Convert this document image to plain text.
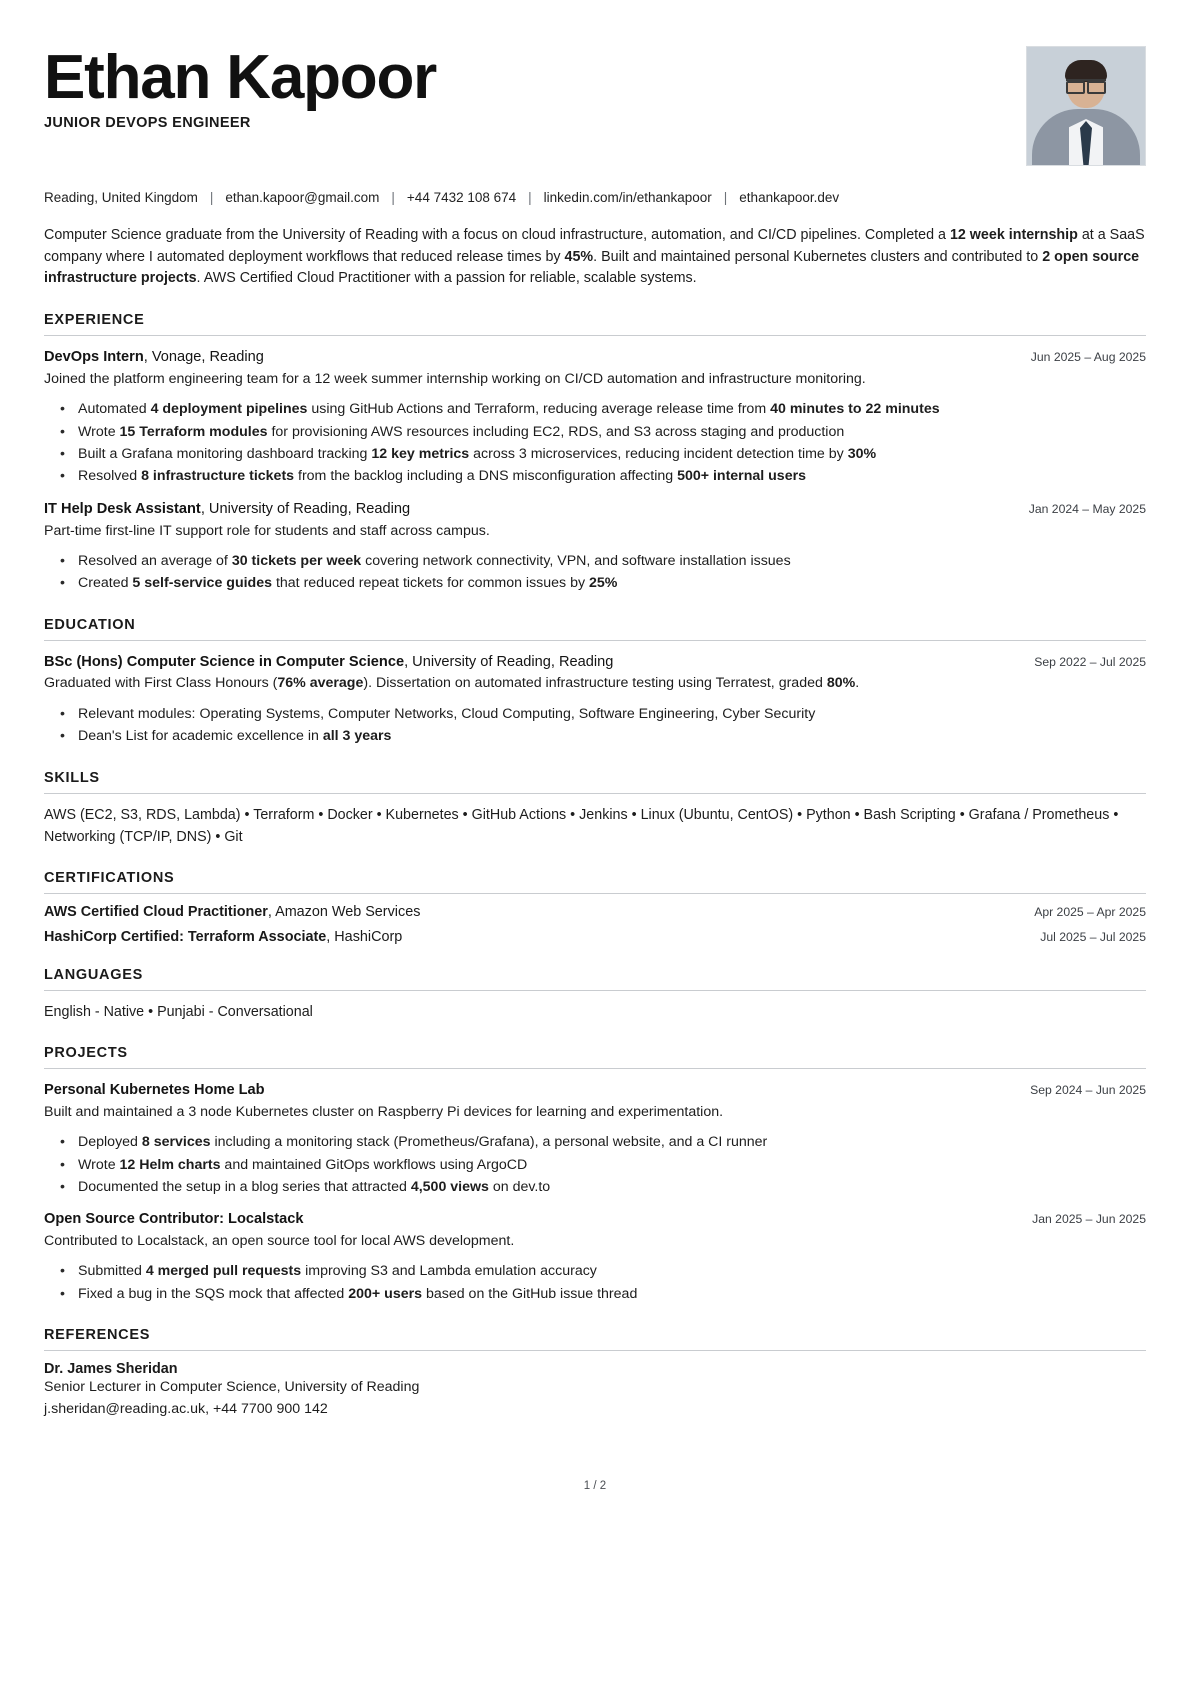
Ethan Kapoor
JUNIOR DEVOPS ENGINEER
Reading, United Kingdom | ethan.kapoor@gmail.com | +44 7432 108 674 | linkedin.com/in/ethankapoor | ethankapoor.dev

Computer Science graduate from the University of Reading with a focus on cloud infrastructure, automation, and CI/CD pipelines. Completed a 12 week internship at a SaaS company where I automated deployment workflows that reduced release times by 45%. Built and maintained personal Kubernetes clusters and contributed to 2 open source infrastructure projects. AWS Certified Cloud Practitioner with a passion for reliable, scalable systems.

EXPERIENCE
DevOps Intern, Vonage, Reading	Jun 2025 – Aug 2025
Joined the platform engineering team for a 12 week summer internship working on CI/CD automation and infrastructure monitoring.
• Automated 4 deployment pipelines using GitHub Actions and Terraform, reducing average release time from 40 minutes to 22 minutes
• Wrote 15 Terraform modules for provisioning AWS resources including EC2, RDS, and S3 across staging and production
• Built a Grafana monitoring dashboard tracking 12 key metrics across 3 microservices, reducing incident detection time by 30%
• Resolved 8 infrastructure tickets from the backlog including a DNS misconfiguration affecting 500+ internal users
IT Help Desk Assistant, University of Reading, Reading	Jan 2024 – May 2025
Part-time first-line IT support role for students and staff across campus.
• Resolved an average of 30 tickets per week covering network connectivity, VPN, and software installation issues
• Created 5 self-service guides that reduced repeat tickets for common issues by 25%
EDUCATION
BSc (Hons) Computer Science in Computer Science, University of Reading, Reading	Sep 2022 – Jul 2025
Graduated with First Class Honours (76% average). Dissertation on automated infrastructure testing using Terratest, graded 80%.
• Relevant modules: Operating Systems, Computer Networks, Cloud Computing, Software Engineering, Cyber Security
• Dean's List for academic excellence in all 3 years
SKILLS
AWS (EC2, S3, RDS, Lambda) • Terraform • Docker • Kubernetes • GitHub Actions • Jenkins • Linux (Ubuntu, CentOS) • Python • Bash Scripting • Grafana / Prometheus • Networking (TCP/IP, DNS) • Git
CERTIFICATIONS
AWS Certified Cloud Practitioner, Amazon Web Services	Apr 2025 – Apr 2025
HashiCorp Certified: Terraform Associate, HashiCorp	Jul 2025 – Jul 2025
LANGUAGES
English - Native • Punjabi - Conversational
PROJECTS
Personal Kubernetes Home Lab	Sep 2024 – Jun 2025
Built and maintained a 3 node Kubernetes cluster on Raspberry Pi devices for learning and experimentation.
• Deployed 8 services including a monitoring stack (Prometheus/Grafana), a personal website, and a CI runner
• Wrote 12 Helm charts and maintained GitOps workflows using ArgoCD
• Documented the setup in a blog series that attracted 4,500 views on dev.to
Open Source Contributor: Localstack	Jan 2025 – Jun 2025
Contributed to Localstack, an open source tool for local AWS development.
• Submitted 4 merged pull requests improving S3 and Lambda emulation accuracy
• Fixed a bug in the SQS mock that affected 200+ users based on the GitHub issue thread
REFERENCES
Dr. James Sheridan
Senior Lecturer in Computer Science, University of Reading
j.sheridan@reading.ac.uk, +44 7700 900 142
1 / 2
